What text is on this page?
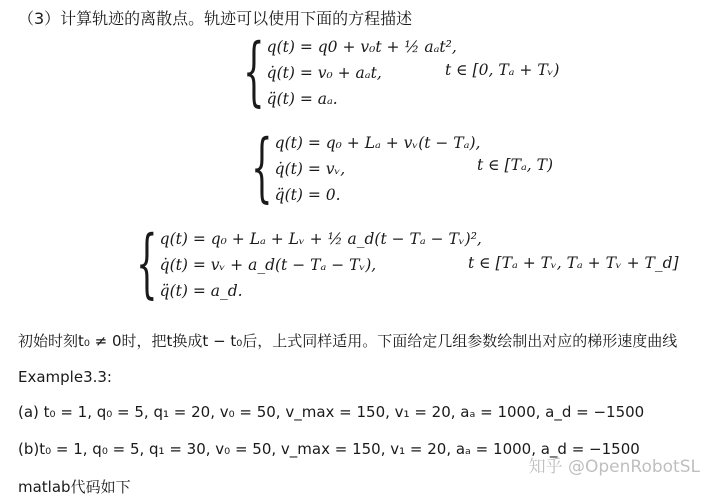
（3）计算轨迹的离散点。轨迹可以使用下面的方程描述
{ q(t) = q0 + v₀t + ½ aₐt²,
q̇(t) = v₀ + aₐt,
q̈(t) = aₐ.
t ∈ [0, Tₐ + Tᵥ)
{ q(t) = q₀ + Lₐ + vᵥ(t − Tₐ),
q̇(t) = vᵥ,
q̈(t) = 0.
t ∈ [Tₐ, T)
{ q(t) = q₀ + Lₐ + Lᵥ + ½ a_d(t − Tₐ − Tᵥ)²,
q̇(t) = vᵥ + a_d(t − Tₐ − Tᵥ),
q̈(t) = a_d.
t ∈ [Tₐ + Tᵥ, Tₐ + Tᵥ + T_d]
初始时刻t₀ ≠ 0时，把t换成t − t₀后，上式同样适用。下面给定几组参数绘制出对应的梯形速度曲线
Example3.3:
(a) t₀ = 1, q₀ = 5, q₁ = 20, v₀ = 50, v_max = 150, v₁ = 20, aₐ = 1000, a_d = −1500
(b)t₀ = 1, q₀ = 5, q₁ = 30, v₀ = 50, v_max = 150, v₁ = 20, aₐ = 1000, a_d = −1500
matlab代码如下
知乎 @OpenRobotSL
